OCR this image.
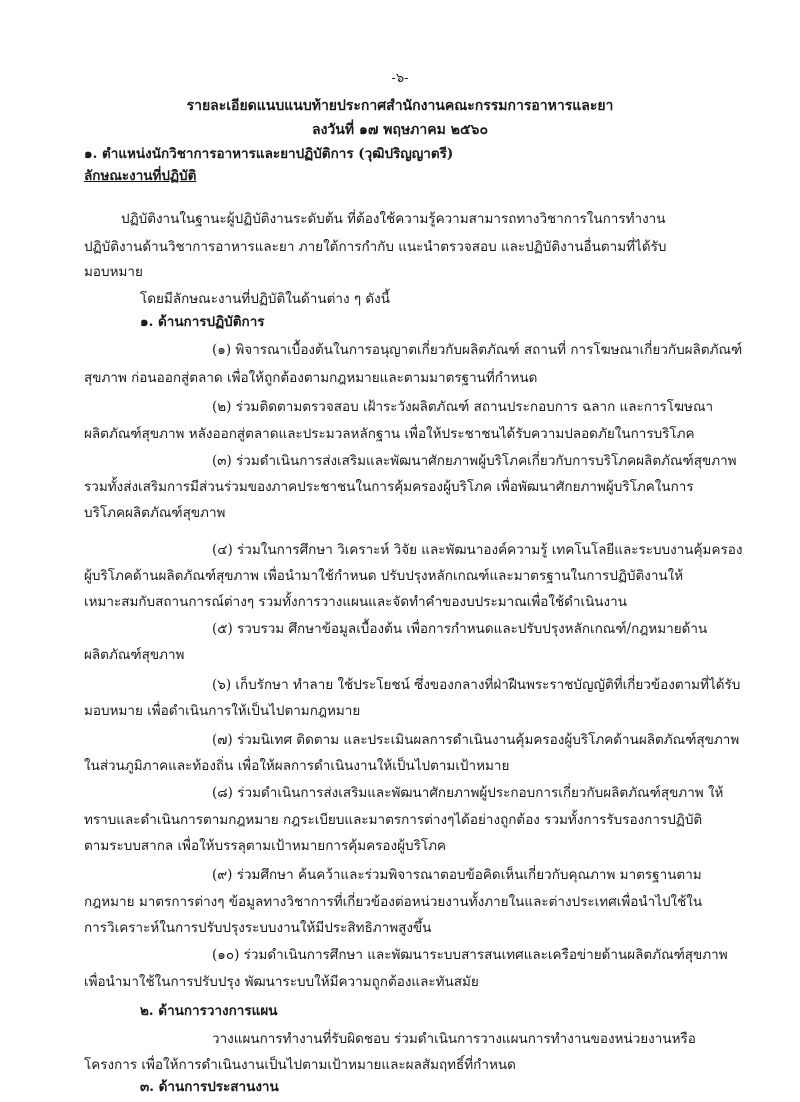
-๖-
รายละเอียดแนบแนบท้ายประกาศสำนักงานคณะกรรมการอาหารและยา
ลงวันที่ ๑๗ พฤษภาคม ๒๕๖๐
๑. ตำแหน่งนักวิชาการอาหารและยาปฏิบัติการ (วุฒิปริญญาตรี)
ลักษณะงานที่ปฏิบัติ
ปฏิบัติงานในฐานะผู้ปฏิบัติงานระดับต้น ที่ต้องใช้ความรู้ความสามารถทางวิชาการในการทำงาน
ปฏิบัติงานด้านวิชาการอาหารและยา ภายใต้การกำกับ แนะนำตรวจสอบ และปฏิบัติงานอื่นตามที่ได้รับ
มอบหมาย
โดยมีลักษณะงานที่ปฏิบัติในด้านต่าง ๆ ดังนี้
๑. ด้านการปฏิบัติการ
(๑) พิจารณาเบื้องต้นในการอนุญาตเกี่ยวกับผลิตภัณฑ์ สถานที่ การโฆษณาเกี่ยวกับผลิตภัณฑ์
สุขภาพ ก่อนออกสู่ตลาด เพื่อให้ถูกต้องตามกฎหมายและตามมาตรฐานที่กำหนด
(๒) ร่วมติดตามตรวจสอบ เฝ้าระวังผลิตภัณฑ์ สถานประกอบการ ฉลาก และการโฆษณา
ผลิตภัณฑ์สุขภาพ หลังออกสู่ตลาดและประมวลหลักฐาน เพื่อให้ประชาชนได้รับความปลอดภัยในการบริโภค
(๓) ร่วมดำเนินการส่งเสริมและพัฒนาศักยภาพผู้บริโภคเกี่ยวกับการบริโภคผลิตภัณฑ์สุขภาพ
รวมทั้งส่งเสริมการมีส่วนร่วมของภาคประชาชนในการคุ้มครองผู้บริโภค เพื่อพัฒนาศักยภาพผู้บริโภคในการ
บริโภคผลิตภัณฑ์สุขภาพ
(๔) ร่วมในการศึกษา วิเคราะห์ วิจัย และพัฒนาองค์ความรู้ เทคโนโลยีและระบบงานคุ้มครอง
ผู้บริโภคด้านผลิตภัณฑ์สุขภาพ เพื่อนำมาใช้กำหนด ปรับปรุงหลักเกณฑ์และมาตรฐานในการปฏิบัติงานให้
เหมาะสมกับสถานการณ์ต่างๆ รวมทั้งการวางแผนและจัดทำคำของบประมาณเพื่อใช้ดำเนินงาน
(๕) รวบรวม ศึกษาข้อมูลเบื้องต้น เพื่อการกำหนดและปรับปรุงหลักเกณฑ์/กฎหมายด้าน
ผลิตภัณฑ์สุขภาพ
(๖) เก็บรักษา ทำลาย ใช้ประโยชน์ ซึ่งของกลางที่ฝ่าฝืนพระราชบัญญัติที่เกี่ยวข้องตามที่ได้รับ
มอบหมาย เพื่อดำเนินการให้เป็นไปตามกฎหมาย
(๗) ร่วมนิเทศ ติดตาม และประเมินผลการดำเนินงานคุ้มครองผู้บริโภคด้านผลิตภัณฑ์สุขภาพ
ในส่วนภูมิภาคและท้องถิ่น เพื่อให้ผลการดำเนินงานให้เป็นไปตามเป้าหมาย
(๘) ร่วมดำเนินการส่งเสริมและพัฒนาศักยภาพผู้ประกอบการเกี่ยวกับผลิตภัณฑ์สุขภาพ ให้
ทราบและดำเนินการตามกฎหมาย กฎระเบียบและมาตรการต่างๆได้อย่างถูกต้อง รวมทั้งการรับรองการปฏิบัติ
ตามระบบสากล เพื่อให้บรรลุตามเป้าหมายการคุ้มครองผู้บริโภค
(๙) ร่วมศึกษา ค้นคว้าและร่วมพิจารณาตอบข้อคิดเห็นเกี่ยวกับคุณภาพ มาตรฐานตาม
กฎหมาย มาตรการต่างๆ ข้อมูลทางวิชาการที่เกี่ยวข้องต่อหน่วยงานทั้งภายในและต่างประเทศเพื่อนำไปใช้ใน
การวิเคราะห์ในการปรับปรุงระบบงานให้มีประสิทธิภาพสูงขึ้น
(๑๐) ร่วมดำเนินการศึกษา และพัฒนาระบบสารสนเทศและเครือข่ายด้านผลิตภัณฑ์สุขภาพ
เพื่อนำมาใช้ในการปรับปรุง พัฒนาระบบให้มีความถูกต้องและทันสมัย
๒. ด้านการวางการแผน
วางแผนการทำงานที่รับผิดชอบ ร่วมดำเนินการวางแผนการทำงานของหน่วยงานหรือ
โครงการ เพื่อให้การดำเนินงานเป็นไปตามเป้าหมายและผลสัมฤทธิ์ที่กำหนด
๓. ด้านการประสานงาน
